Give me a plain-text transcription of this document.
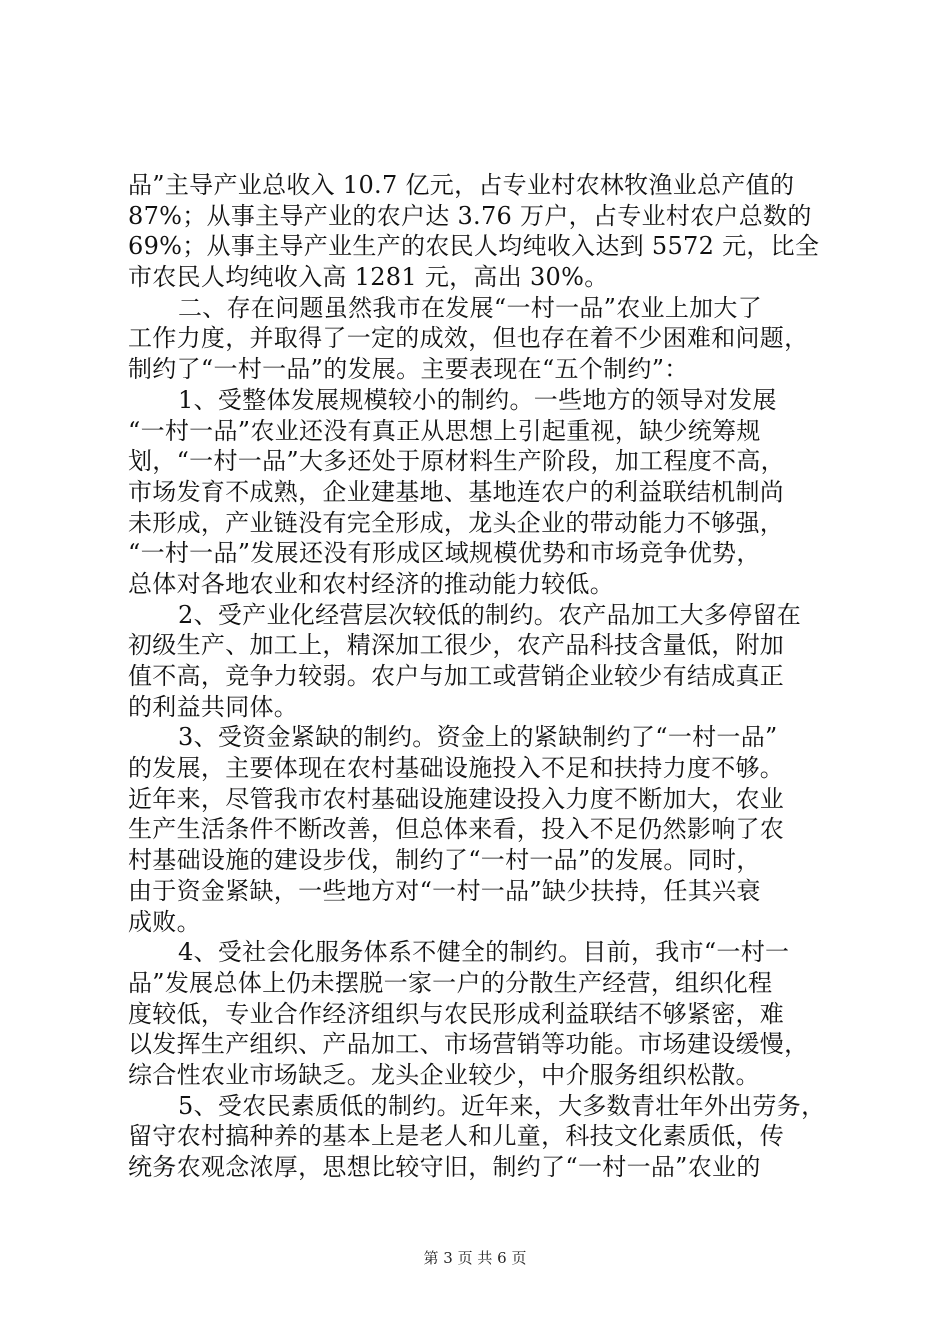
品”主导产业总收入 10.7 亿元，占专业村农林牧渔业总产值的
87%；从事主导产业的农户达 3.76 万户，占专业村农户总数的
69%；从事主导产业生产的农民人均纯收入达到 5572 元，比全
市农民人均纯收入高 1281 元，高出 30%。
二、存在问题虽然我市在发展“一村一品”农业上加大了
工作力度，并取得了一定的成效，但也存在着不少困难和问题，
制约了“一村一品”的发展。主要表现在“五个制约”：
1、受整体发展规模较小的制约。一些地方的领导对发展
“一村一品”农业还没有真正从思想上引起重视，缺少统筹规
划，“一村一品”大多还处于原材料生产阶段，加工程度不高，
市场发育不成熟，企业建基地、基地连农户的利益联结机制尚
未形成，产业链没有完全形成，龙头企业的带动能力不够强，
“一村一品”发展还没有形成区域规模优势和市场竞争优势，
总体对各地农业和农村经济的推动能力较低。
2、受产业化经营层次较低的制约。农产品加工大多停留在
初级生产、加工上，精深加工很少，农产品科技含量低，附加
值不高，竞争力较弱。农户与加工或营销企业较少有结成真正
的利益共同体。
3、受资金紧缺的制约。资金上的紧缺制约了“一村一品”
的发展，主要体现在农村基础设施投入不足和扶持力度不够。
近年来，尽管我市农村基础设施建设投入力度不断加大，农业
生产生活条件不断改善，但总体来看，投入不足仍然影响了农
村基础设施的建设步伐，制约了“一村一品”的发展。同时，
由于资金紧缺，一些地方对“一村一品”缺少扶持，任其兴衰
成败。
4、受社会化服务体系不健全的制约。目前，我市“一村一
品”发展总体上仍未摆脱一家一户的分散生产经营，组织化程
度较低，专业合作经济组织与农民形成利益联结不够紧密，难
以发挥生产组织、产品加工、市场营销等功能。市场建设缓慢，
综合性农业市场缺乏。龙头企业较少，中介服务组织松散。
5、受农民素质低的制约。近年来，大多数青壮年外出劳务，
留守农村搞种养的基本上是老人和儿童，科技文化素质低，传
统务农观念浓厚，思想比较守旧，制约了“一村一品”农业的
第 3 页 共 6 页
